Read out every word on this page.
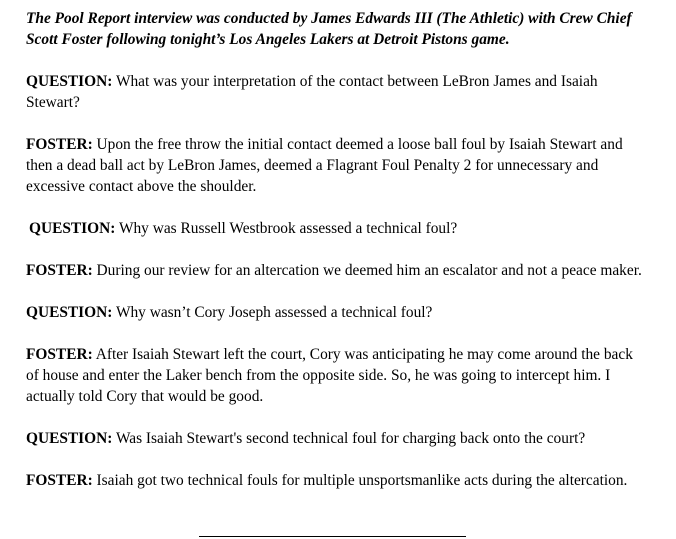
The Pool Report interview was conducted by James Edwards III (The Athletic) with Crew Chief Scott Foster following tonight’s Los Angeles Lakers at Detroit Pistons game.

QUESTION: What was your interpretation of the contact between LeBron James and Isaiah Stewart?

FOSTER: Upon the free throw the initial contact deemed a loose ball foul by Isaiah Stewart and then a dead ball act by LeBron James, deemed a Flagrant Foul Penalty 2 for unnecessary and excessive contact above the shoulder.

QUESTION: Why was Russell Westbrook assessed a technical foul?

FOSTER: During our review for an altercation we deemed him an escalator and not a peace maker.

QUESTION: Why wasn’t Cory Joseph assessed a technical foul?

FOSTER: After Isaiah Stewart left the court, Cory was anticipating he may come around the back of house and enter the Laker bench from the opposite side. So, he was going to intercept him. I actually told Cory that would be good.

QUESTION: Was Isaiah Stewart's second technical foul for charging back onto the court?

FOSTER: Isaiah got two technical fouls for multiple unsportsmanlike acts during the altercation.
